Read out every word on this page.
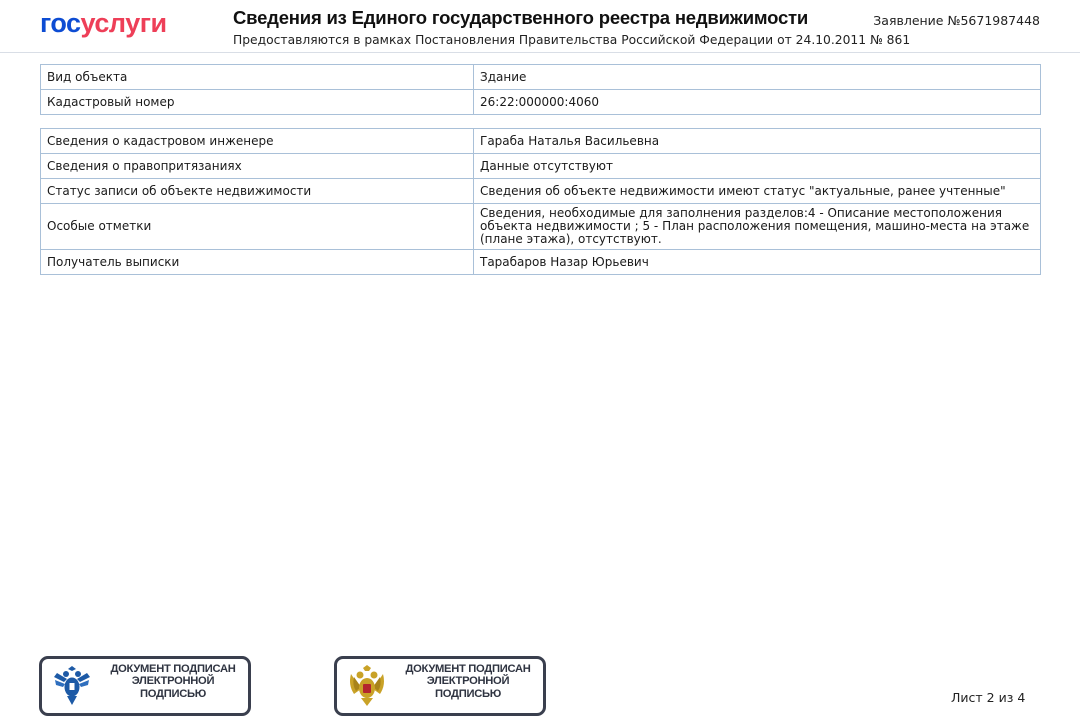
госуслуги	Сведения из Единого государственного реестра недвижимости
Предоставляются в рамках Постановления Правительства Российской Федерации от 24.10.2011 № 861
Заявление №5671987448
Вид объекта	Здание
Кадастровый номер	26:22:000000:4060
Сведения о кадастровом инженере	Гараба Наталья Васильевна
Сведения о правопритязаниях	Данные отсутствуют
Статус записи об объекте недвижимости	Сведения об объекте недвижимости имеют статус "актуальные, ранее учтенные"
Особые отметки	Сведения, необходимые для заполнения разделов:4 - Описание местоположения объекта недвижимости ; 5 - План расположения помещения, машино-места на этаже (плане этажа), отсутствуют.
Получатель выписки	Тарабаров Назар Юрьевич
ДОКУМЕНТ ПОДПИСАН
ЭЛЕКТРОННОЙ
ПОДПИСЬЮ
ДОКУМЕНТ ПОДПИСАН
ЭЛЕКТРОННОЙ
ПОДПИСЬЮ	Лист 2 из 4
